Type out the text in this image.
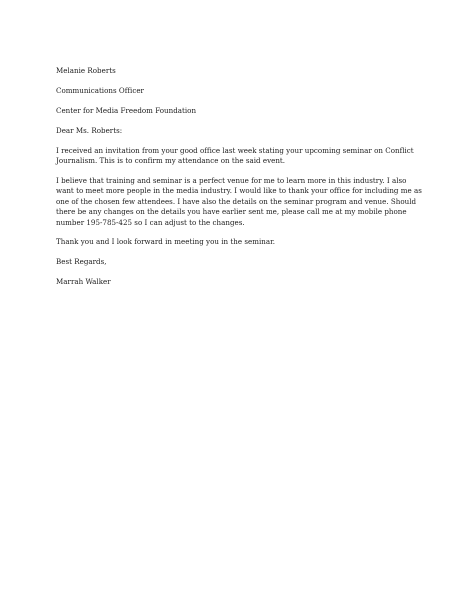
Melanie Roberts

Communications Officer

Center for Media Freedom Foundation

Dear Ms. Roberts:

I received an invitation from your good office last week stating your upcoming seminar on Conflict Journalism. This is to confirm my attendance on the said event.

I believe that training and seminar is a perfect venue for me to learn more in this industry. I also want to meet more people in the media industry. I would like to thank your office for including me as one of the chosen few attendees. I have also the details on the seminar program and venue. Should there be any changes on the details you have earlier sent me, please call me at my mobile phone number 195-785-425 so I can adjust to the changes.

Thank you and I look forward in meeting you in the seminar.

Best Regards,

Marrah Walker
